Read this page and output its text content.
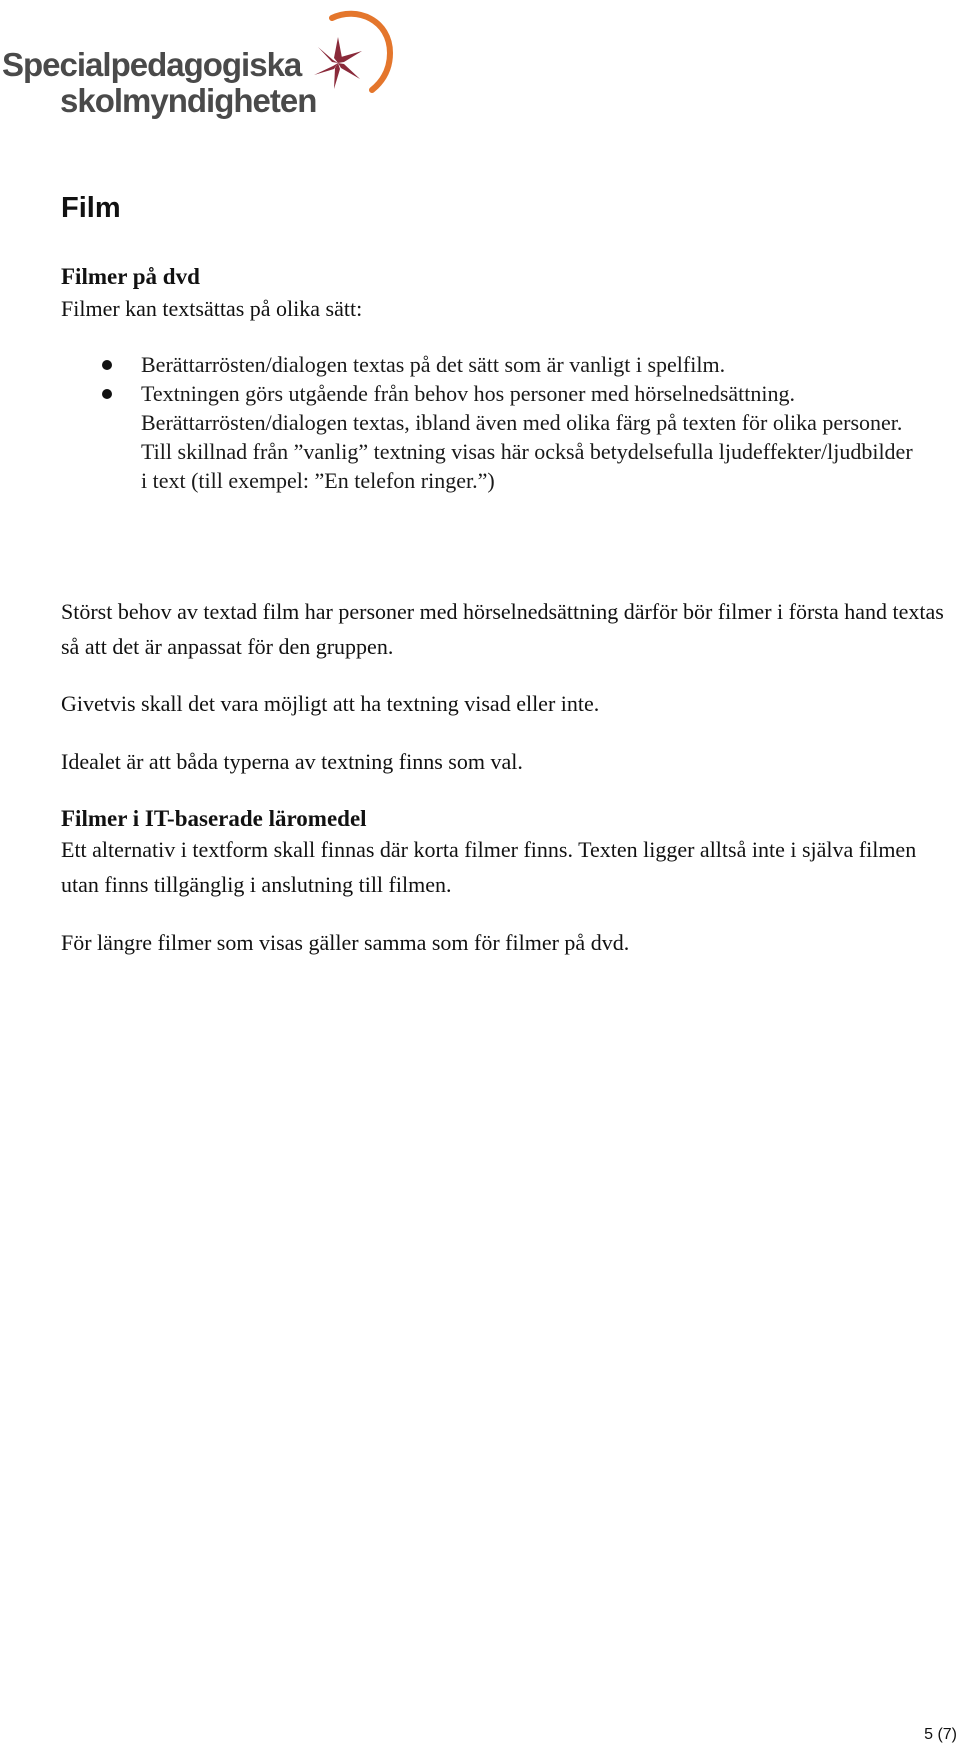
Specialpedagogiska
skolmyndigheten
Film
Filmer på dvd

Filmer kan textsättas på olika sätt:

Berättarrösten/dialogen textas på det sätt som är vanligt i spelfilm.
Textningen görs utgående från behov hos personer med hörselnedsättning. Berättarrösten/dialogen textas, ibland även med olika färg på texten för olika personer. Till skillnad från ”vanlig” textning visas här också betydelsefulla ljudeffekter/ljudbilder i text (till exempel: ”En telefon ringer.”)

Störst behov av textad film har personer med hörselnedsättning därför bör filmer i första hand textas så att det är anpassat för den gruppen.

Givetvis skall det vara möjligt att ha textning visad eller inte.

Idealet är att båda typerna av textning finns som val.

Filmer i IT-baserade läromedel

Ett alternativ i textform skall finnas där korta filmer finns. Texten ligger alltså inte i själva filmen utan finns tillgänglig i anslutning till filmen.

För längre filmer som visas gäller samma som för filmer på dvd.

5 (7)
